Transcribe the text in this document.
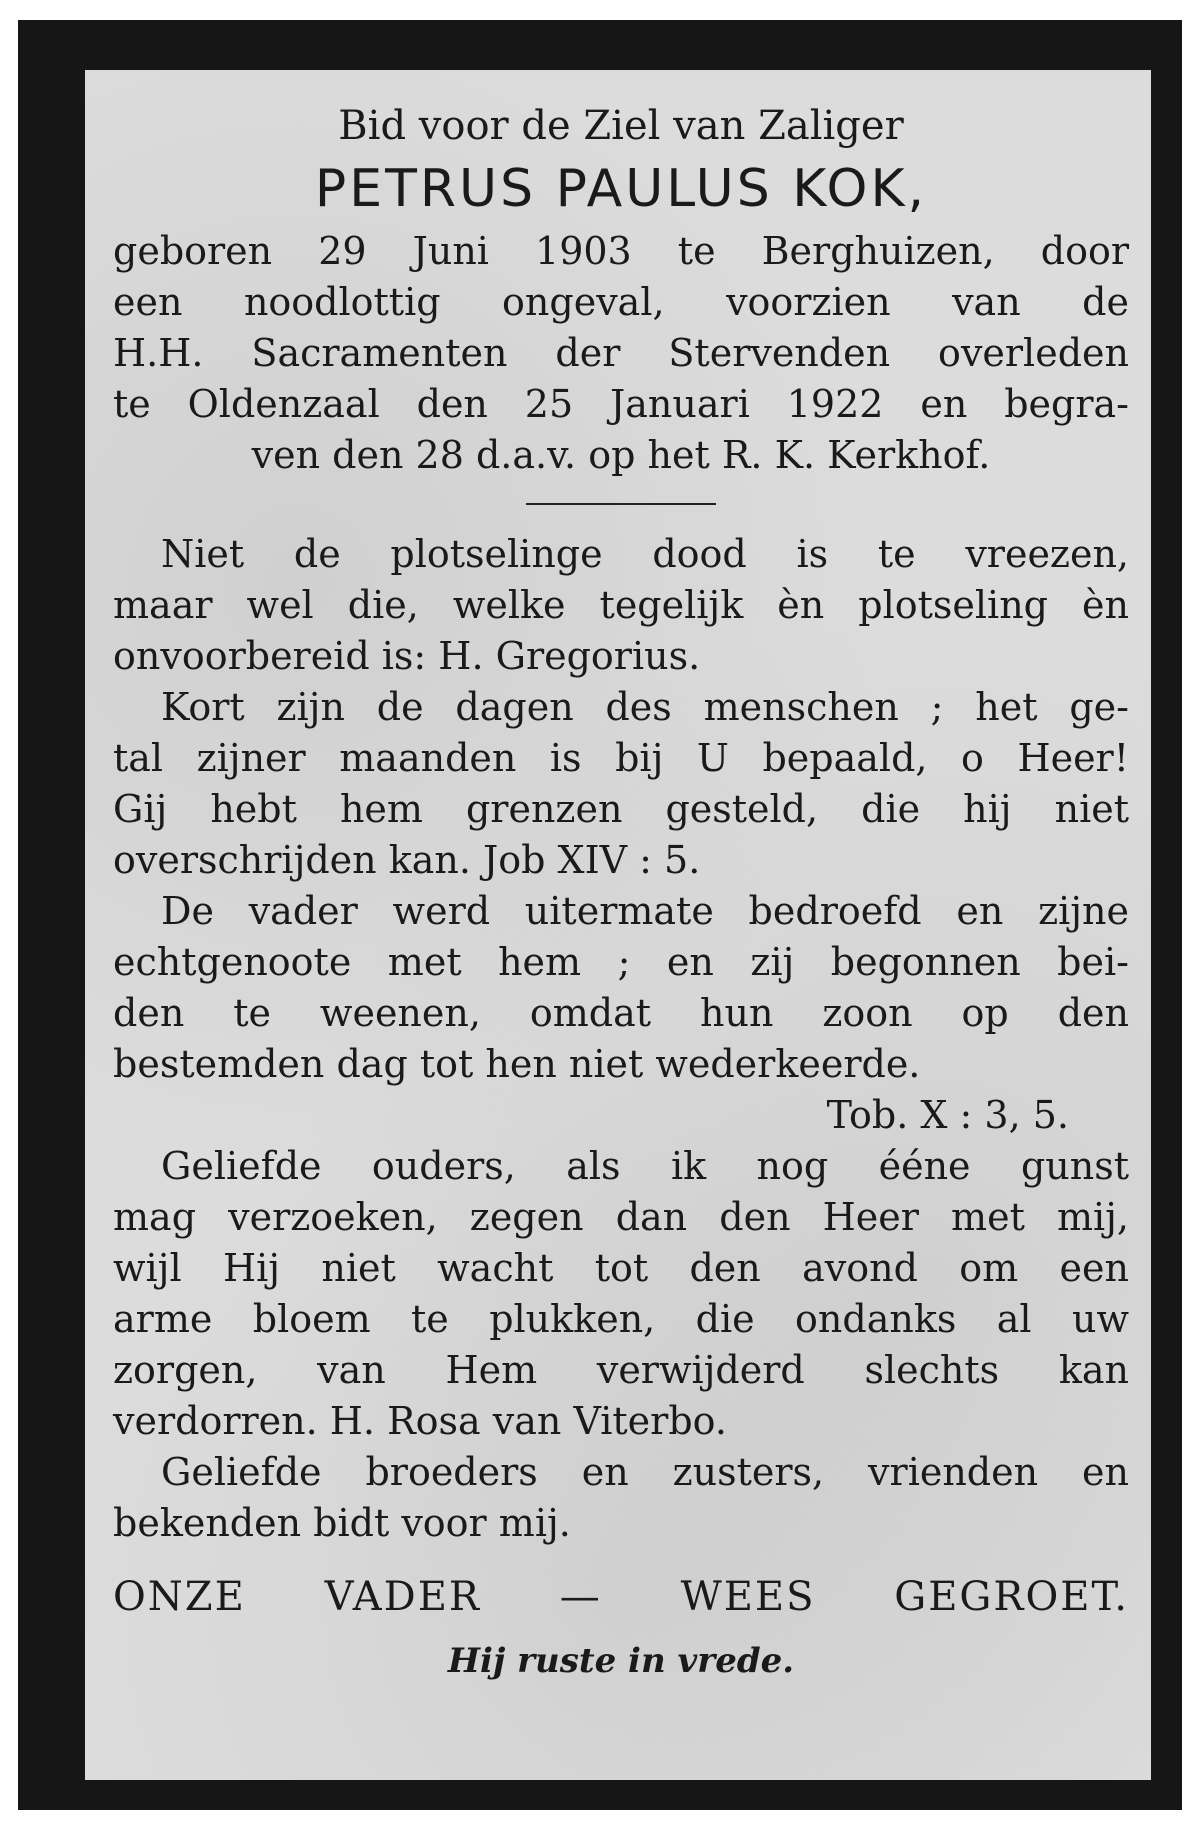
Bid voor de Ziel van Zaliger
PETRUS PAULUS KOK,
geboren 29 Juni 1903 te Berghuizen, door
een noodlottig ongeval, voorzien van de
H.H. Sacramenten der Stervenden overleden
te Oldenzaal den 25 Januari 1922 en begra-
ven den 28 d.a.v. op het R. K. Kerkhof.
Niet de plotselinge dood is te vreezen,
maar wel die, welke tegelijk èn plotseling èn
onvoorbereid is: H. Gregorius.
Kort zijn de dagen des menschen ; het ge-
tal zijner maanden is bij U bepaald, o Heer!
Gij hebt hem grenzen gesteld, die hij niet
overschrijden kan. Job XIV : 5.
De vader werd uitermate bedroefd en zijne
echtgenoote met hem ; en zij begonnen bei-
den te weenen, omdat hun zoon op den
bestemden dag tot hen niet wederkeerde.
Tob. X : 3, 5.
Geliefde ouders, als ik nog ééne gunst
mag verzoeken, zegen dan den Heer met mij,
wijl Hij niet wacht tot den avond om een
arme bloem te plukken, die ondanks al uw
zorgen, van Hem verwijderd slechts kan
verdorren. H. Rosa van Viterbo.
Geliefde broeders en zusters, vrienden en
bekenden bidt voor mij.
ONZE VADER — WEES GEGROET.
Hij ruste in vrede.
